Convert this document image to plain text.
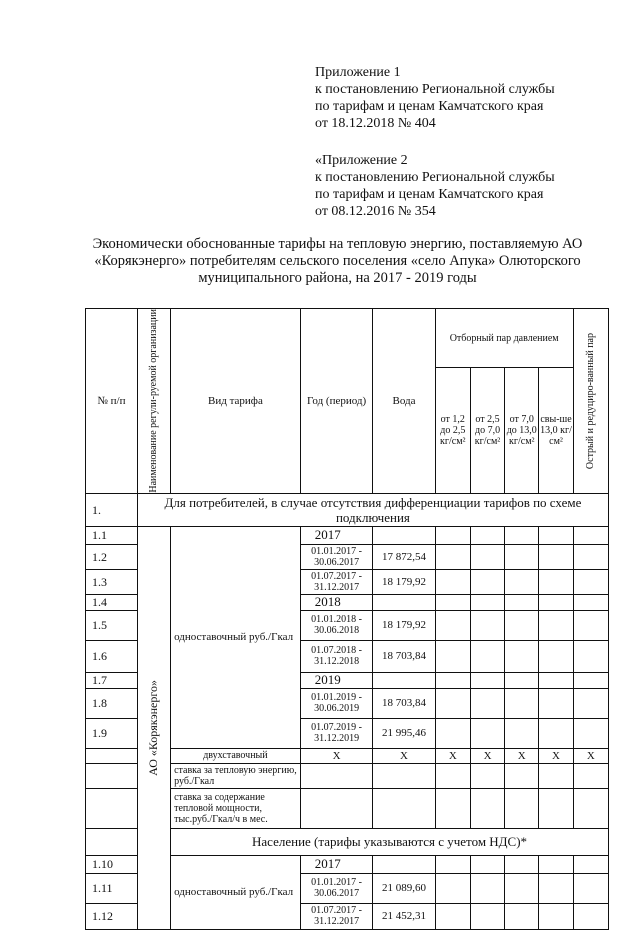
Приложение 1
к постановлению Региональной службы
по тарифам и ценам Камчатского края
от 18.12.2018 № 404
«Приложение 2
к постановлению Региональной службы
по тарифам и ценам Камчатского края
от 08.12.2016 № 354
Экономически обоснованные тарифы на тепловую энергию, поставляемую АО «Корякэнерго» потребителям сельского поселения «село Апука» Олюторского муниципального района, на 2017 - 2019 годы
№ п/п	Наименование регули-руемой организации	Вид тарифа	Год (период)	Вода	Отборный пар давлением				Острый и редуциро-ванный пар

					от 1,2 до 2,5 кг/см²	от 2,5 до 7,0 кг/см²	от 7,0 до 13,0 кг/см²	свы-ше 13,0 кг/см²	
1.	Для потребителей, в случае отсутствия дифференциации тарифов по схеме подключения								
1.1	АО «Корякэнерго»	одноставочный руб./Гкал	2017						
1.2			01.01.2017 - 30.06.2017	17 872,54					
1.3			01.07.2017 - 31.12.2017	18 179,92					
1.4			2018						
1.5			01.01.2018 - 30.06.2018	18 179,92					
1.6			01.07.2018 - 31.12.2018	18 703,84					
1.7			2019						
1.8			01.01.2019 - 30.06.2019	18 703,84					
1.9			01.07.2019 - 31.12.2019	21 995,46					
		двухставочный	X	X	X	X	X	X	X
		ставка за тепловую энергию, руб./Гкал							
		ставка за содержание тепловой мощности, тыс.руб./Гкал/ч в мес.							
		Население (тарифы указываются с учетом НДС)*							
1.10		одноставочный руб./Гкал	2017						
1.11			01.01.2017 - 30.06.2017	21 089,60					
1.12			01.07.2017 - 31.12.2017	21 452,31					
